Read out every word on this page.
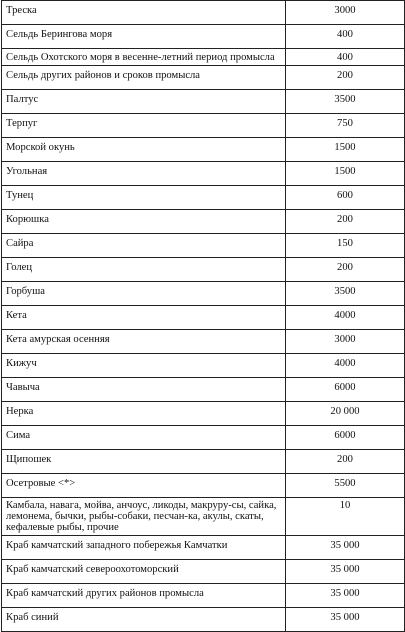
Треска	3000
Сельдь Берингова моря	400
Сельдь Охотского моря в весенне-летний период промысла	400
Сельдь других районов и сроков промысла	200
Палтус	3500
Терпуг	750
Морской окунь	1500
Угольная	1500
Тунец	600
Корюшка	200
Сайра	150
Голец	200
Горбуша	3500
Кета	4000
Кета амурская осенняя	3000
Кижуч	4000
Чавыча	6000
Нерка	20 000
Сима	6000
Щипошек	200
Осетровые <*>	5500
Камбала, навага, мойва, анчоус, ликоды, макруру-сы, сайка, лемонема, бычки, рыбы-собаки, песчан-ка, акулы, скаты, кефалевые рыбы, прочие	10
Краб камчатский западного побережья Камчатки	35 000
Краб камчатский североохотоморский	35 000
Краб камчатский других районов промысла	35 000
Краб синий	35 000
